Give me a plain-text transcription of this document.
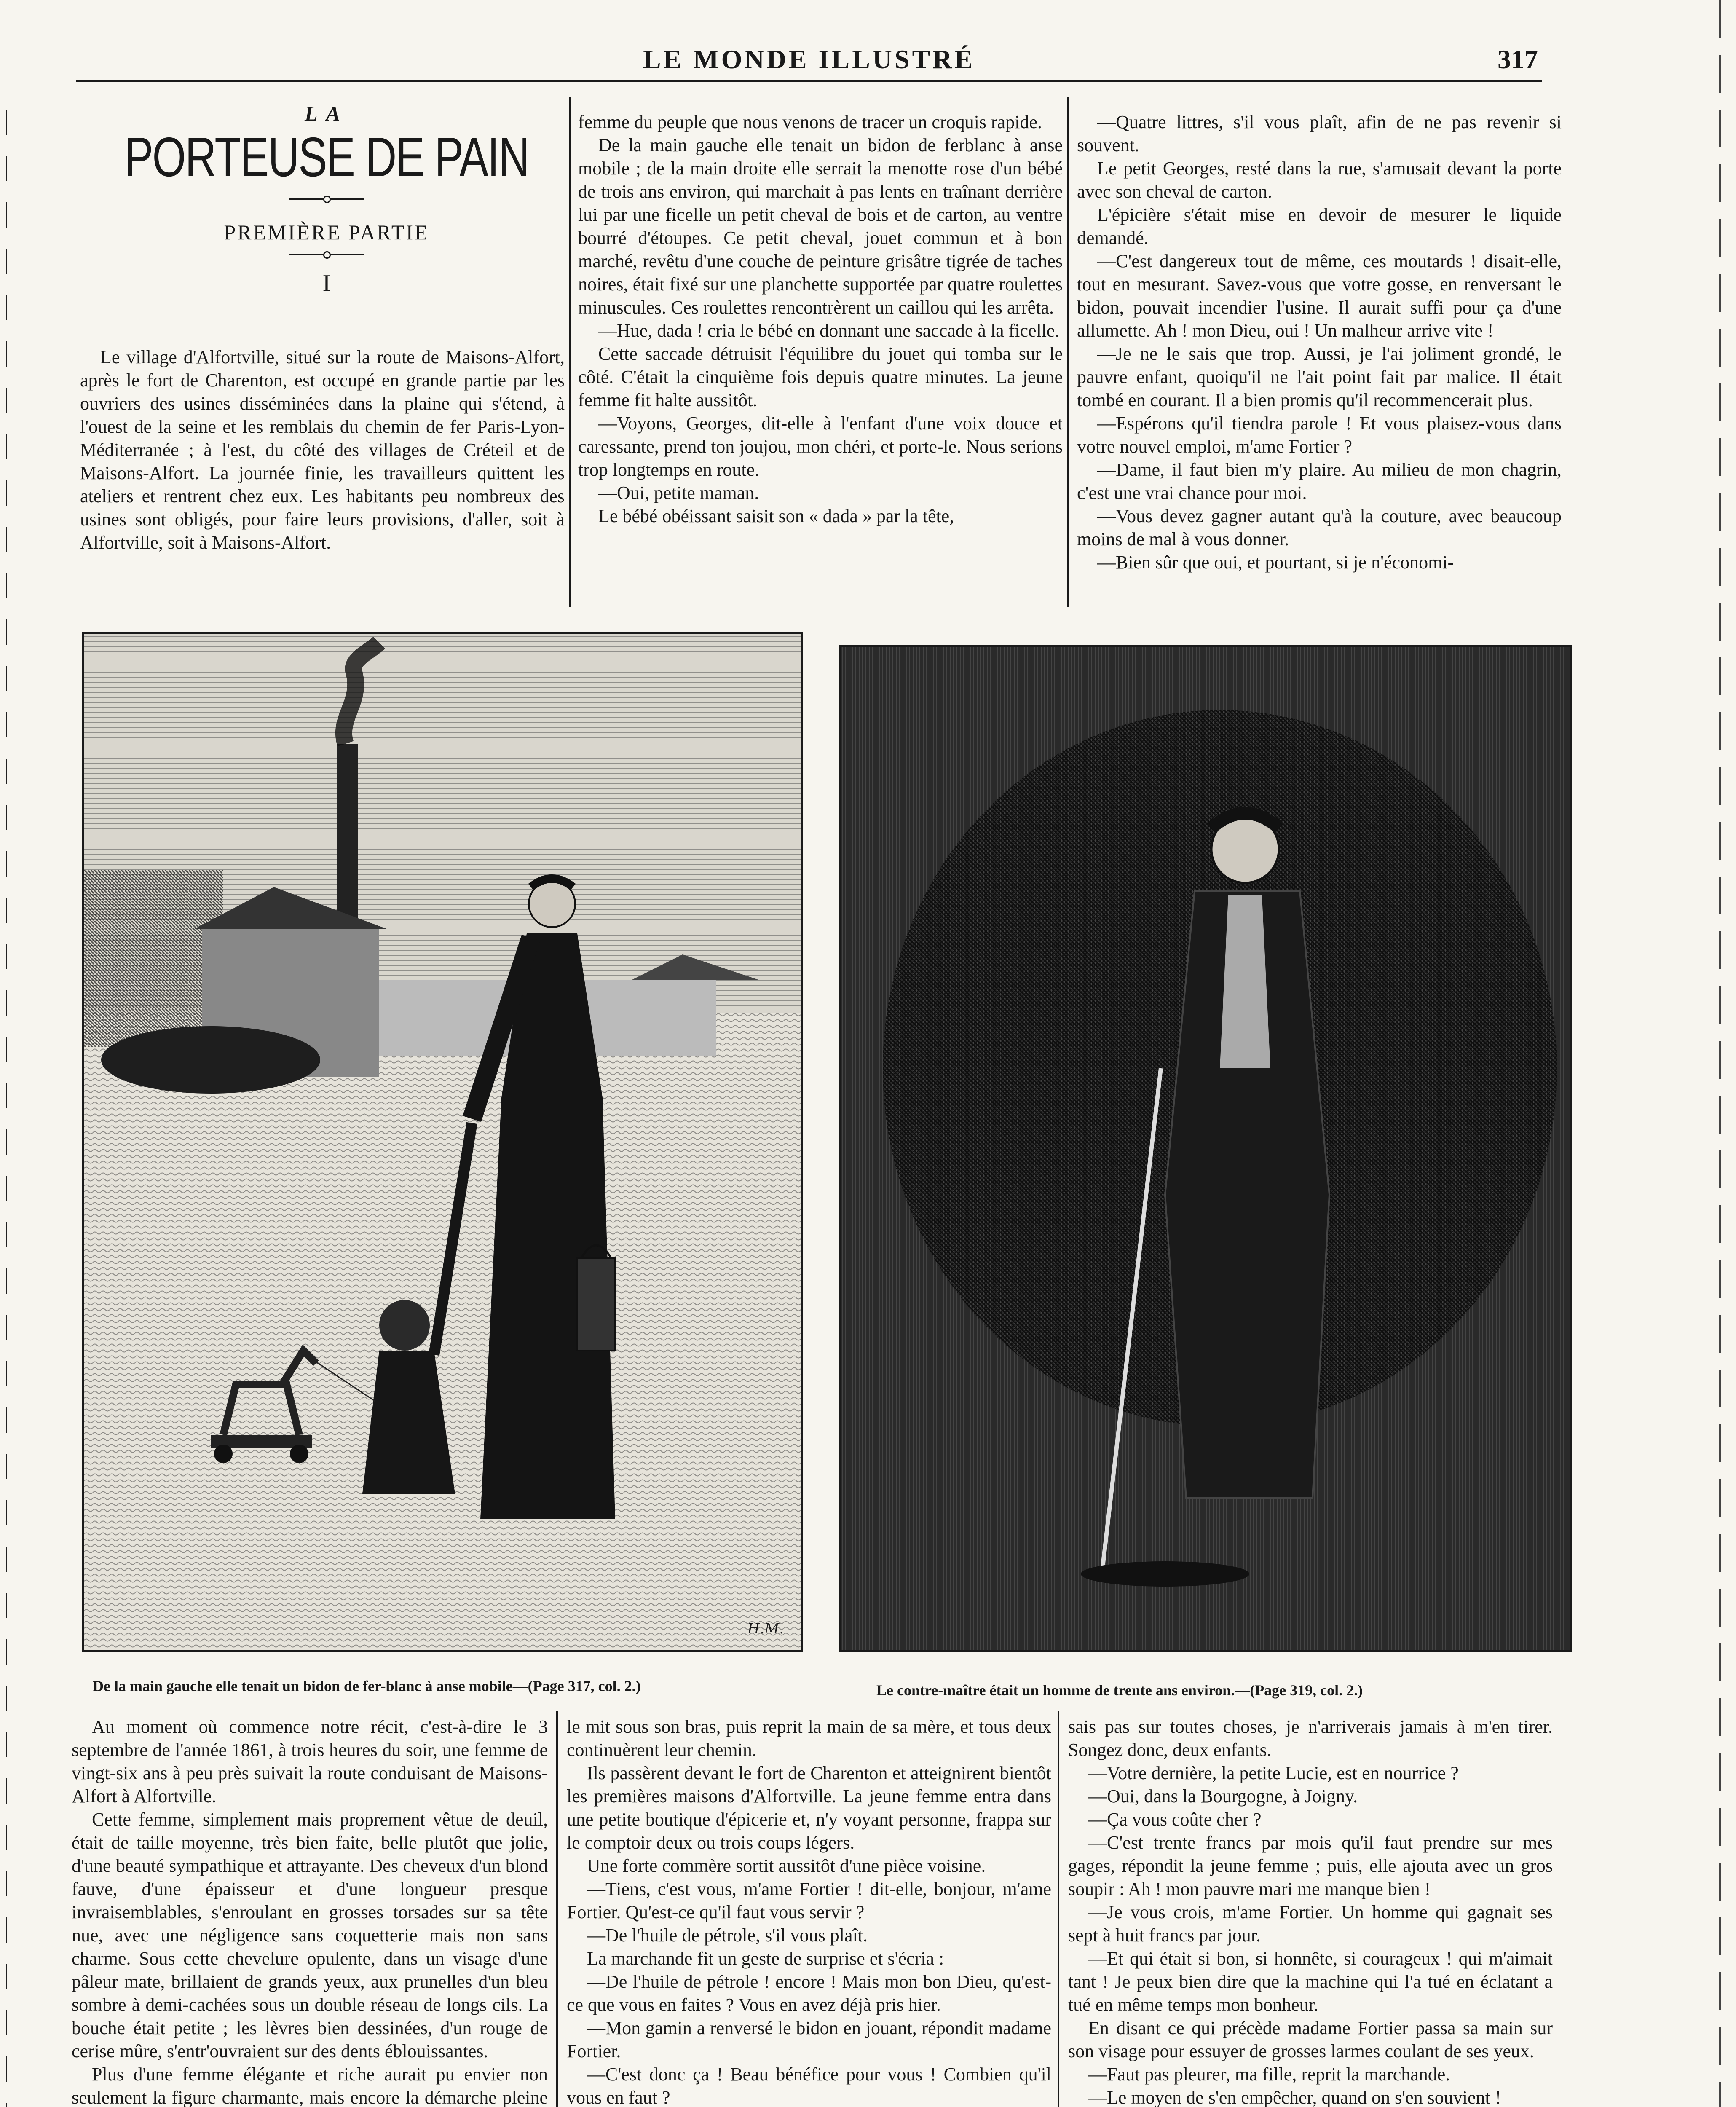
LE MONDE ILLUSTRÉ	317
LA
PORTEUSE DE PAIN
PREMIÈRE PARTIE
I

Le village d'Alfortville, situé sur la route de Maisons-Alfort, après le fort de Charenton, est occupé en grande partie par les ouvriers des usines disséminées dans la plaine qui s'étend, à l'ouest de la seine et les remblais du chemin de fer Paris-Lyon-Méditerranée ; à l'est, du côté des villages de Créteil et de Maisons-Alfort. La journée finie, les travailleurs quittent les ateliers et rentrent chez eux. Les habitants peu nombreux des usines sont obligés, pour faire leurs provisions, d'aller, soit à Alfortville, soit à Maisons-Alfort.

femme du peuple que nous venons de tracer un croquis rapide.

De la main gauche elle tenait un bidon de ferblanc à anse mobile ; de la main droite elle serrait la menotte rose d'un bébé de trois ans environ, qui marchait à pas lents en traînant derrière lui par une ficelle un petit cheval de bois et de carton, au ventre bourré d'étoupes. Ce petit cheval, jouet commun et à bon marché, revêtu d'une couche de peinture grisâtre tigrée de taches noires, était fixé sur une planchette supportée par quatre roulettes minuscules. Ces roulettes rencontrèrent un caillou qui les arrêta.

—Hue, dada ! cria le bébé en donnant une saccade à la ficelle.

Cette saccade détruisit l'équilibre du jouet qui tomba sur le côté. C'était la cinquième fois depuis quatre minutes. La jeune femme fit halte aussitôt.

—Voyons, Georges, dit-elle à l'enfant d'une voix douce et caressante, prend ton joujou, mon chéri, et porte-le. Nous serions trop longtemps en route.

—Oui, petite maman.

Le bébé obéissant saisit son « dada » par la tête,

—Quatre littres, s'il vous plaît, afin de ne pas revenir si souvent.

Le petit Georges, resté dans la rue, s'amusait devant la porte avec son cheval de carton.

L'épicière s'était mise en devoir de mesurer le liquide demandé.

—C'est dangereux tout de même, ces moutards ! disait-elle, tout en mesurant. Savez-vous que votre gosse, en renversant le bidon, pouvait incendier l'usine. Il aurait suffi pour ça d'une allumette. Ah ! mon Dieu, oui ! Un malheur arrive vite !

—Je ne le sais que trop. Aussi, je l'ai joliment grondé, le pauvre enfant, quoiqu'il ne l'ait point fait par malice. Il était tombé en courant. Il a bien promis qu'il recommencerait plus.

—Espérons qu'il tiendra parole ! Et vous plaisez-vous dans votre nouvel emploi, m'ame Fortier ?

—Dame, il faut bien m'y plaire. Au milieu de mon chagrin, c'est une vrai chance pour moi.

—Vous devez gagner autant qu'à la couture, avec beaucoup moins de mal à vous donner.

—Bien sûr que oui, et pourtant, si je n'économi-

H.M.
De la main gauche elle tenait un bidon de fer-blanc à anse mobile—(Page 317, col. 2.)	Le contre-maître était un homme de trente ans environ.—(Page 319, col. 2.)

Au moment où commence notre récit, c'est-à-dire le 3 septembre de l'année 1861, à trois heures du soir, une femme de vingt-six ans à peu près suivait la route conduisant de Maisons-Alfort à Alfortville.

Cette femme, simplement mais proprement vêtue de deuil, était de taille moyenne, très bien faite, belle plutôt que jolie, d'une beauté sympathique et attrayante. Des cheveux d'un blond fauve, d'une épaisseur et d'une longueur presque invraisemblables, s'enroulant en grosses torsades sur sa tête nue, avec une négligence sans coquetterie mais non sans charme. Sous cette chevelure opulente, dans un visage d'une pâleur mate, brillaient de grands yeux, aux prunelles d'un bleu sombre à demi-cachées sous un double réseau de longs cils. La bouche était petite ; les lèvres bien dessinées, d'un rouge de cerise mûre, s'entr'ouvraient sur des dents éblouissantes.

Plus d'une femme élégante et riche aurait pu envier non seulement la figure charmante, mais encore la démarche pleine

le mit sous son bras, puis reprit la main de sa mère, et tous deux continuèrent leur chemin.

Ils passèrent devant le fort de Charenton et atteignirent bientôt les premières maisons d'Alfortville. La jeune femme entra dans une petite boutique d'épicerie et, n'y voyant personne, frappa sur le comptoir deux ou trois coups légers.

Une forte commère sortit aussitôt d'une pièce voisine.

—Tiens, c'est vous, m'ame Fortier ! dit-elle, bonjour, m'ame Fortier. Qu'est-ce qu'il faut vous servir ?

—De l'huile de pétrole, s'il vous plaît.

La marchande fit un geste de surprise et s'écria :

—De l'huile de pétrole ! encore ! Mais mon bon Dieu, qu'est-ce que vous en faites ? Vous en avez déjà pris hier.

—Mon gamin a renversé le bidon en jouant, répondit madame Fortier.

—C'est donc ça ! Beau bénéfice pour vous ! Combien qu'il vous en faut ?

sais pas sur toutes choses, je n'arriverais jamais à m'en tirer. Songez donc, deux enfants.

—Votre dernière, la petite Lucie, est en nourrice ?

—Oui, dans la Bourgogne, à Joigny.

—Ça vous coûte cher ?

—C'est trente francs par mois qu'il faut prendre sur mes gages, répondit la jeune femme ; puis, elle ajouta avec un gros soupir : Ah ! mon pauvre mari me manque bien !

—Je vous crois, m'ame Fortier. Un homme qui gagnait ses sept à huit francs par jour.

—Et qui était si bon, si honnête, si courageux ! qui m'aimait tant ! Je peux bien dire que la machine qui l'a tué en éclatant a tué en même temps mon bonheur.

En disant ce qui précède madame Fortier passa sa main sur son visage pour essuyer de grosses larmes coulant de ses yeux.

—Faut pas pleurer, ma fille, reprit la marchande.

—Le moyen de s'en empêcher, quand on s'en souvient !
